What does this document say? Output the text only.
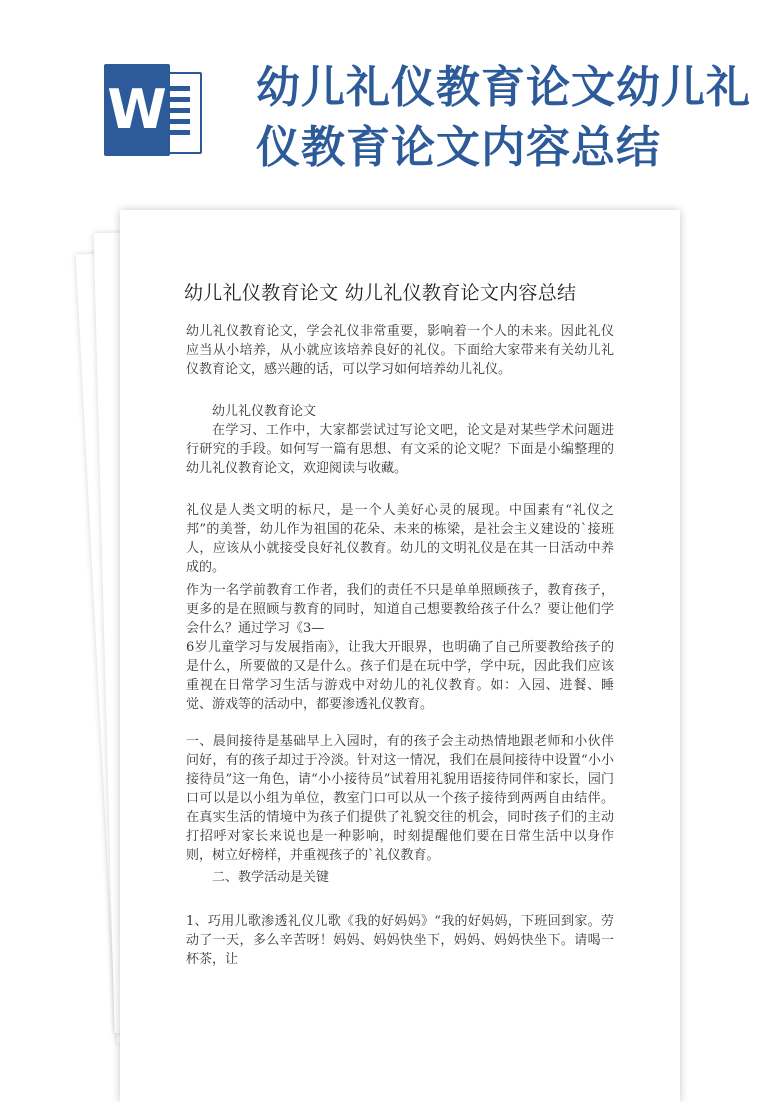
W 幼儿礼仪教育论文幼儿礼仪教育论文内容总结
幼儿礼仪教育论文 幼儿礼仪教育论文内容总结

幼儿礼仪教育论文，学会礼仪非常重要，影响着一个人的未来。因此礼仪应当从小培养，从小就应该培养良好的礼仪。下面给大家带来有关幼儿礼仪教育论文，感兴趣的话，可以学习如何培养幼儿礼仪。

幼儿礼仪教育论文

在学习、工作中，大家都尝试过写论文吧，论文是对某些学术问题进行研究的手段。如何写一篇有思想、有文采的论文呢？下面是小编整理的幼儿礼仪教育论文，欢迎阅读与收藏。

礼仪是人类文明的标尺，是一个人美好心灵的展现。中国素有“礼仪之邦”的美誉，幼儿作为祖国的花朵、未来的栋梁，是社会主义建设的`接班人，应该从小就接受良好礼仪教育。幼儿的文明礼仪是在其一日活动中养成的。

作为一名学前教育工作者，我们的责任不只是单单照顾孩子，教育孩子，更多的是在照顾与教育的同时，知道自己想要教给孩子什么？要让他们学会什么？通过学习《3—

6岁儿童学习与发展指南》，让我大开眼界，也明确了自己所要教给孩子的是什么，所要做的又是什么。孩子们是在玩中学，学中玩，因此我们应该重视在日常学习生活与游戏中对幼儿的礼仪教育。如：入园、进餐、睡觉、游戏等的活动中，都要渗透礼仪教育。

一、晨间接待是基础早上入园时，有的孩子会主动热情地跟老师和小伙伴问好，有的孩子却过于冷淡。针对这一情况，我们在晨间接待中设置“小小接待员”这一角色，请“小小接待员”试着用礼貌用语接待同伴和家长，园门口可以是以小组为单位，教室门口可以从一个孩子接待到两两自由结伴。在真实生活的情境中为孩子们提供了礼貌交往的机会，同时孩子们的主动打招呼对家长来说也是一种影响，时刻提醒他们要在日常生活中以身作则，树立好榜样，并重视孩子的`礼仪教育。

二、教学活动是关键

1、巧用儿歌渗透礼仪儿歌《我的好妈妈》“我的好妈妈，下班回到家。劳动了一天，多么辛苦呀！妈妈、妈妈快坐下，妈妈、妈妈快坐下。请喝一杯茶，让
